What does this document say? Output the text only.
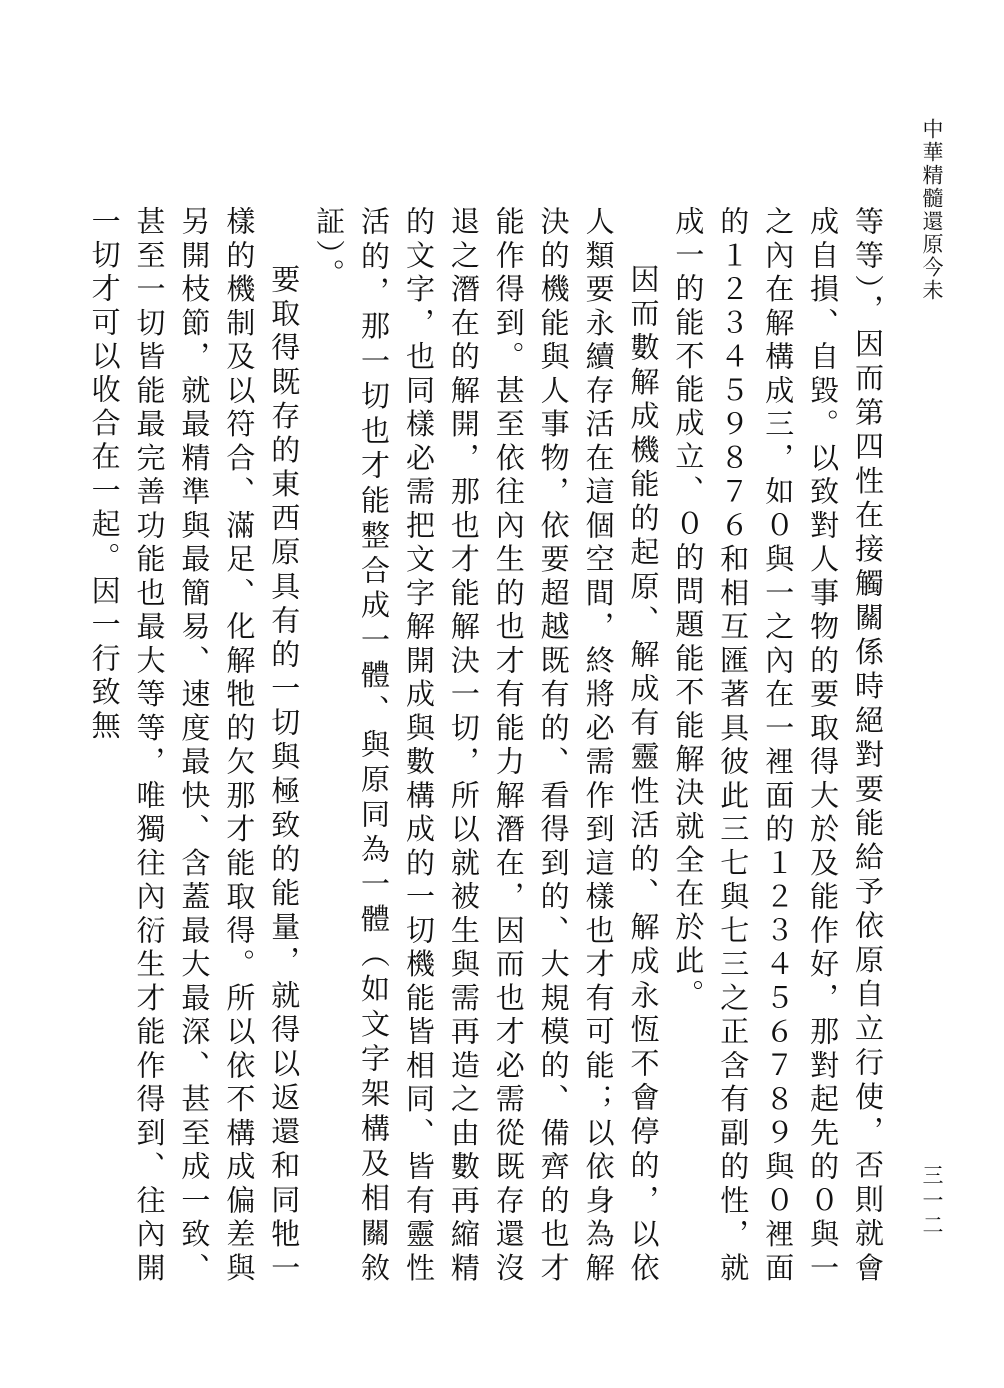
中華精髓還原今未
三一二

等等），因而第四性在接觸關係時絕對要能給予依原自立行使，否則就會成自損、自毀。以致對人事物的要取得大於及能作好，那對起先的０與一之內在解構成三，如０與一之內在一裡面的１２３４５６７８９與０裡面的１２３４５９８７６和相互匯著具彼此三七與七三之正含有副的性，就成一的能不能成立、０的問題能不能解決就全在於此。

因而數解成機能的起原、解成有靈性活的、解成永恆不會停的，以依人類要永續存活在這個空間，終將必需作到這樣也才有可能；以依身為解決的機能與人事物，依要超越既有的、看得到的、大規模的、備齊的也才能作得到。甚至依往內生的也才有能力解潛在，因而也才必需從既存還沒退之潛在的解開，那也才能解決一切，所以就被生與需再造之由數再縮精的文字，也同樣必需把文字解開成與數構成的一切機能皆相同、皆有靈性活的，那一切也才能整合成一體、與原同為一體（如文字架構及相關敘証）。

要取得既存的東西原具有的一切與極致的能量，就得以返還和同牠一樣的機制及以符合、滿足、化解牠的欠那才能取得。所以依不構成偏差與另開枝節，就最精準與最簡易、速度最快、含蓋最大最深、甚至成一致、甚至一切皆能最完善功能也最大等等，唯獨往內衍生才能作得到、往內開一切才可以收合在一起。因一行致無
